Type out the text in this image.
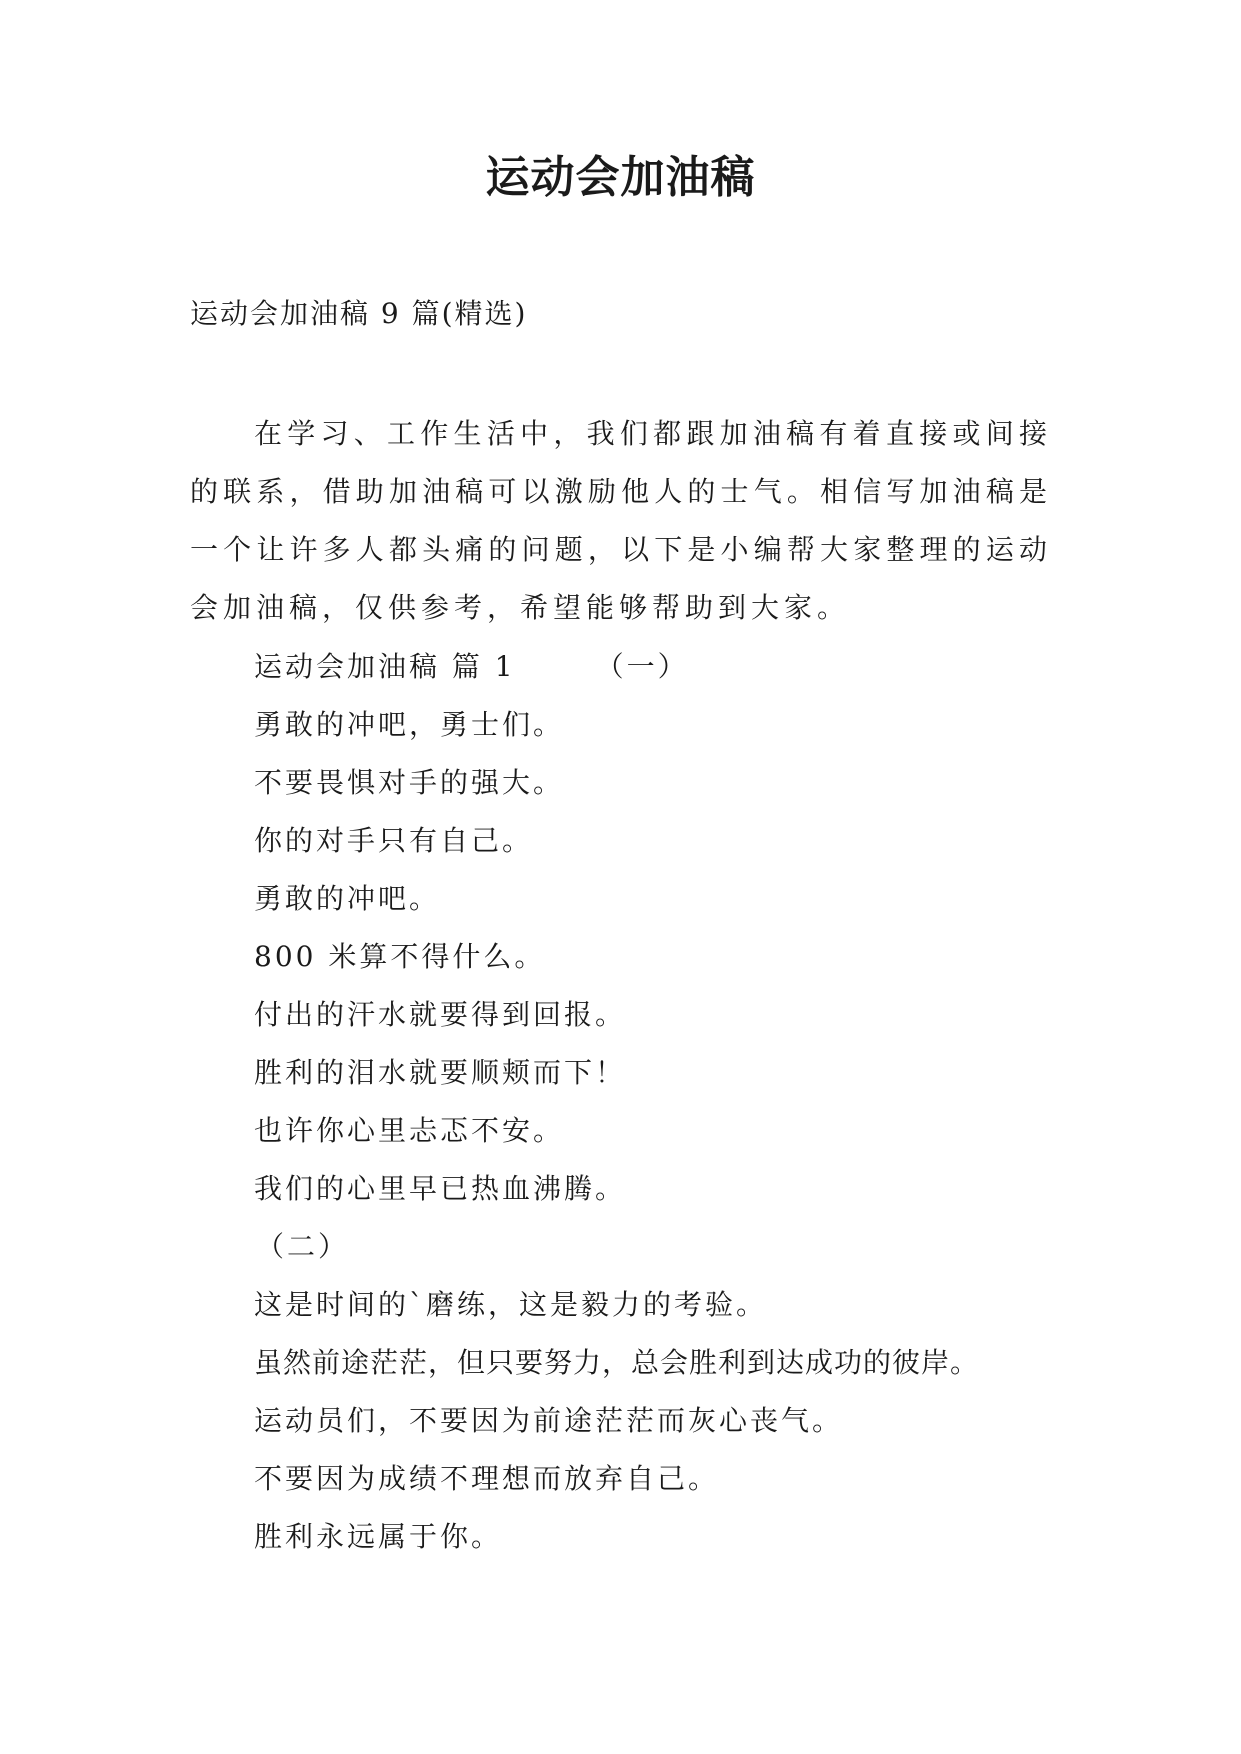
运动会加油稿
运动会加油稿 9 篇(精选)

在学习、工作生活中，我们都跟加油稿有着直接或间接的联系，借助加油稿可以激励他人的士气。相信写加油稿是一个让许多人都头痛的问题，以下是小编帮大家整理的运动会加油稿，仅供参考，希望能够帮助到大家。

运动会加油稿 篇 1	（一）
勇敢的冲吧，勇士们。
不要畏惧对手的强大。
你的对手只有自己。
勇敢的冲吧。
800 米算不得什么。
付出的汗水就要得到回报。
胜利的泪水就要顺颊而下！
也许你心里忐忑不安。
我们的心里早已热血沸腾。
（二）
这是时间的`磨练，这是毅力的考验。
虽然前途茫茫，但只要努力，总会胜利到达成功的彼岸。
运动员们，不要因为前途茫茫而灰心丧气。
不要因为成绩不理想而放弃自己。
胜利永远属于你。
